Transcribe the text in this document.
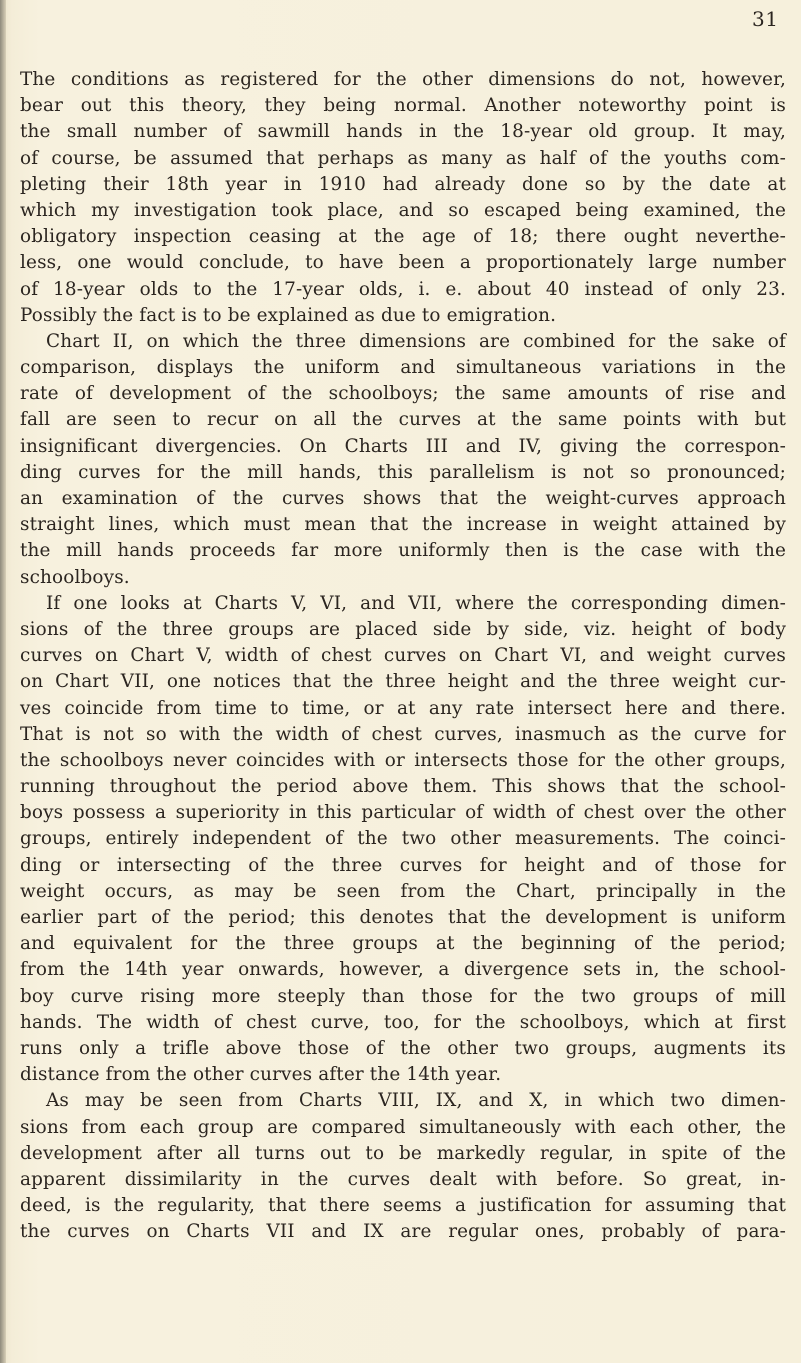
31
The conditions as registered for the other dimensions do not, however,
bear out this theory, they being normal. Another noteworthy point is
the small number of sawmill hands in the 18-year old group. It may,
of course, be assumed that perhaps as many as half of the youths com-
pleting their 18th year in 1910 had already done so by the date at
which my investigation took place, and so escaped being examined, the
obligatory inspection ceasing at the age of 18; there ought neverthe-
less, one would conclude, to have been a proportionately large number
of 18-year olds to the 17-year olds, i. e. about 40 instead of only 23.
Possibly the fact is to be explained as due to emigration.
Chart II, on which the three dimensions are combined for the sake of
comparison, displays the uniform and simultaneous variations in the
rate of development of the schoolboys; the same amounts of rise and
fall are seen to recur on all the curves at the same points with but
insignificant divergencies. On Charts III and IV, giving the correspon-
ding curves for the mill hands, this parallelism is not so pronounced;
an examination of the curves shows that the weight-curves approach
straight lines, which must mean that the increase in weight attained by
the mill hands proceeds far more uniformly then is the case with the
schoolboys.
If one looks at Charts V, VI, and VII, where the corresponding dimen-
sions of the three groups are placed side by side, viz. height of body
curves on Chart V, width of chest curves on Chart VI, and weight curves
on Chart VII, one notices that the three height and the three weight cur-
ves coincide from time to time, or at any rate intersect here and there.
That is not so with the width of chest curves, inasmuch as the curve for
the schoolboys never coincides with or intersects those for the other groups,
running throughout the period above them. This shows that the school-
boys possess a superiority in this particular of width of chest over the other
groups, entirely independent of the two other measurements. The coinci-
ding or intersecting of the three curves for height and of those for
weight occurs, as may be seen from the Chart, principally in the
earlier part of the period; this denotes that the development is uniform
and equivalent for the three groups at the beginning of the period;
from the 14th year onwards, however, a divergence sets in, the school-
boy curve rising more steeply than those for the two groups of mill
hands. The width of chest curve, too, for the schoolboys, which at first
runs only a trifle above those of the other two groups, augments its
distance from the other curves after the 14th year.
As may be seen from Charts VIII, IX, and X, in which two dimen-
sions from each group are compared simultaneously with each other, the
development after all turns out to be markedly regular, in spite of the
apparent dissimilarity in the curves dealt with before. So great, in-
deed, is the regularity, that there seems a justification for assuming that
the curves on Charts VII and IX are regular ones, probably of para-
